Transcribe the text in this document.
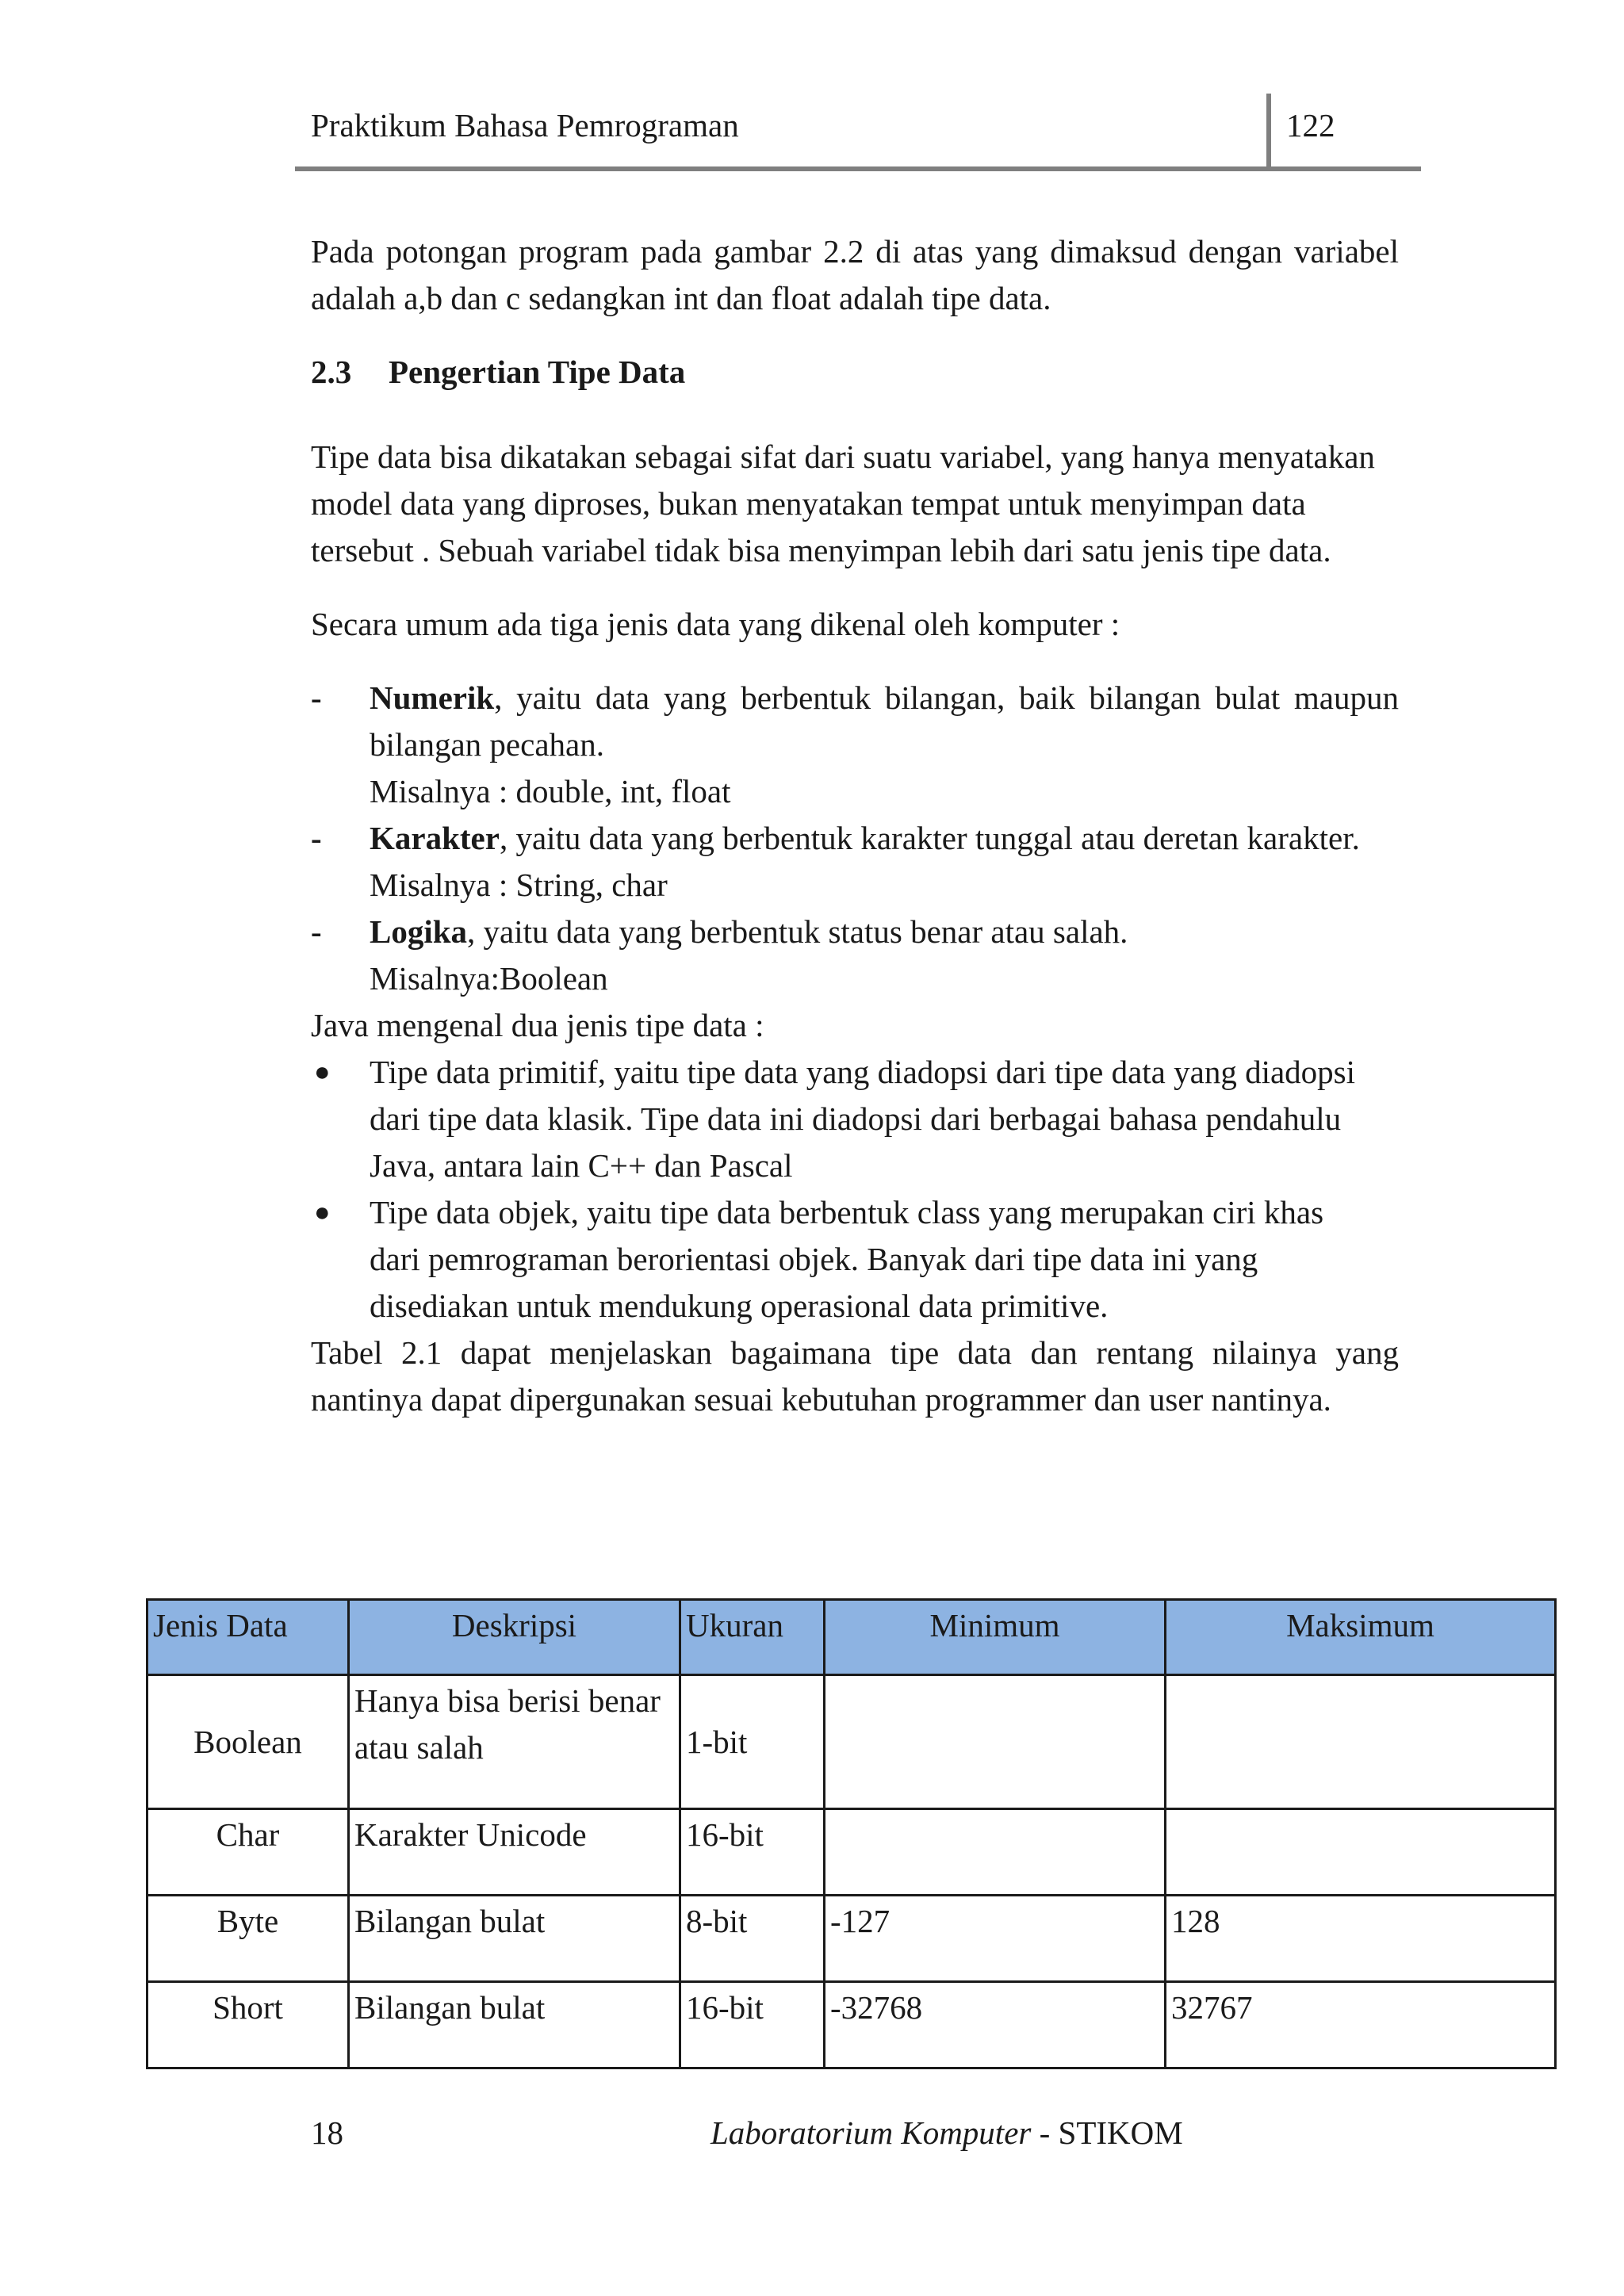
Praktikum Bahasa Pemrograman	122

Pada potongan program pada gambar 2.2 di atas yang dimaksud dengan variabel adalah a,b dan c sedangkan int dan float adalah tipe data.

2.3 Pengertian Tipe Data

Tipe data bisa dikatakan sebagai sifat dari suatu variabel, yang hanya menyatakan model data yang diproses, bukan menyatakan tempat untuk menyimpan data tersebut . Sebuah variabel tidak bisa menyimpan lebih dari satu jenis tipe data.

Secara umum ada tiga jenis data yang dikenal oleh komputer :

- Numerik, yaitu data yang berbentuk bilangan, baik bilangan bulat maupun bilangan pecahan.
Misalnya : double, int, float
- Karakter, yaitu data yang berbentuk karakter tunggal atau deretan karakter.
Misalnya : String, char
- Logika, yaitu data yang berbentuk status benar atau salah.
Misalnya:Boolean

Java mengenal dua jenis tipe data :

● Tipe data primitif, yaitu tipe data yang diadopsi dari tipe data yang diadopsi dari tipe data klasik. Tipe data ini diadopsi dari berbagai bahasa pendahulu Java, antara lain C++ dan Pascal
● Tipe data objek, yaitu tipe data berbentuk class yang merupakan ciri khas dari pemrograman berorientasi objek. Banyak dari tipe data ini yang disediakan untuk mendukung operasional data primitive.

Tabel 2.1 dapat menjelaskan bagaimana tipe data dan rentang nilainya yang nantinya dapat dipergunakan sesuai kebutuhan programmer dan user nantinya.

Jenis Data	Deskripsi	Ukuran	Minimum	Maksimum
Boolean	Hanya bisa berisi benar atau salah	1-bit		
Char	Karakter Unicode	16-bit		
Byte	Bilangan bulat	8-bit	-127	128
Short	Bilangan bulat	16-bit	-32768	32767
18	Laboratorium Komputer - STIKOM
